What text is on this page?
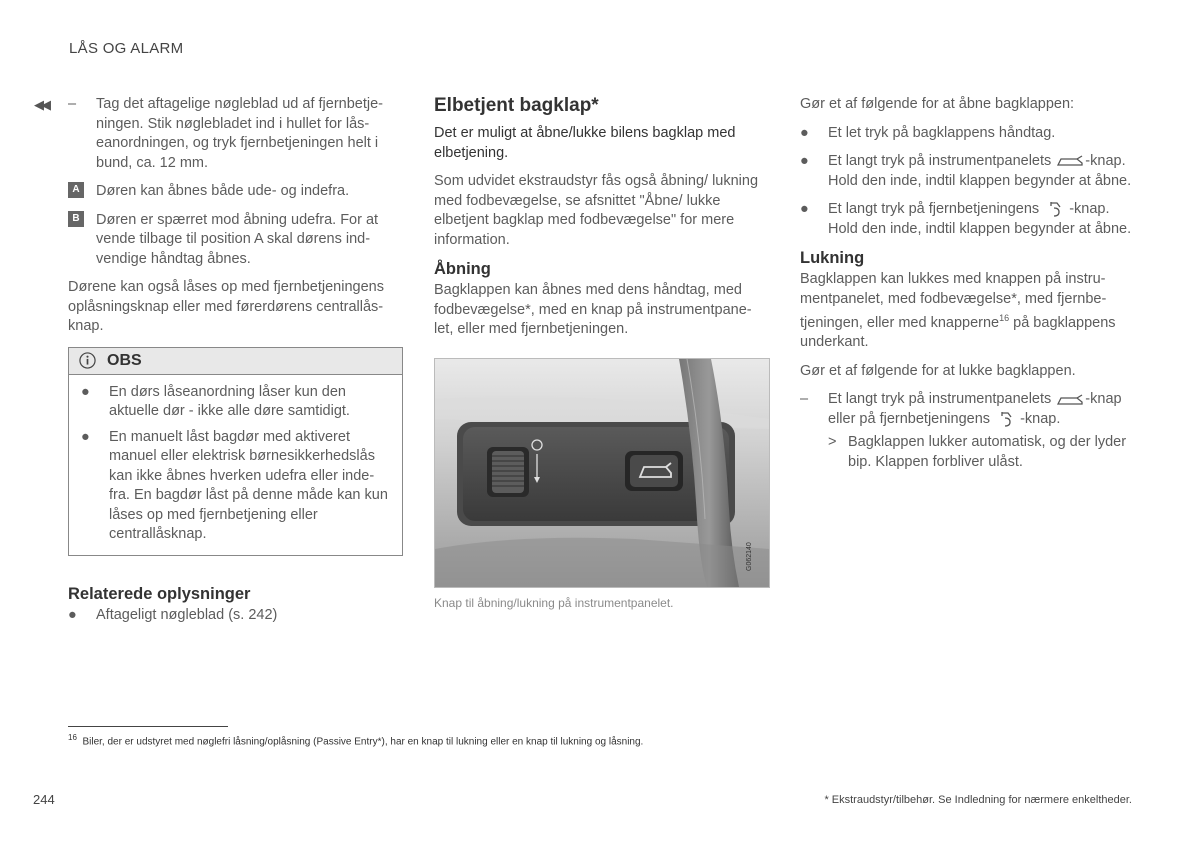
LÅS OG ALARM
◀◀ – Tag det aftagelige nøgleblad ud af fjernbetje-ningen. Stik nøglebladet ind i hullet for lås-eanordningen, og tryk fjernbetjeningen helt i bund, ca. 12 mm.
A	Døren kan åbnes både ude- og indefra.
B	Døren er spærret mod åbning udefra. For at vende tilbage til position A skal dørens ind-vendige håndtag åbnes.

Dørene kan også låses op med fjernbetjeningens oplåsningsknap eller med førerdørens centrallås-knap.

OBS
● En dørs låseanordning låser kun den aktuelle dør - ikke alle døre samtidigt.
● En manuelt låst bagdør med aktiveret manuel eller elektrisk børnesikkerhedslås kan ikke åbnes hverken udefra eller inde-fra. En bagdør låst på denne måde kan kun låses op med fjernbetjening eller centrallåsknap.
Relaterede oplysninger
● Aftageligt nøgleblad (s. 242)
Elbetjent bagklap*

Det er muligt at åbne/lukke bilens bagklap med elbetjening.

Som udvidet ekstraudstyr fås også åbning/ lukning med fodbevægelse, se afsnittet "Åbne/ lukke elbetjent bagklap med fodbevægelse" for mere information.

Åbning

Bagklappen kan åbnes med dens håndtag, med fodbevægelse*, med en knap på instrumentpane-let, eller med fjernbetjeningen.

G062140
Knap til åbning/lukning på instrumentpanelet.

Gør et af følgende for at åbne bagklappen:

● Et let tryk på bagklappens håndtag.
● Et langt tryk på instrumentpanelets -knap. Hold den inde, indtil klappen begynder at åbne.
● Et langt tryk på fjernbetjeningens -knap. Hold den inde, indtil klappen begynder at åbne.
Lukning

Bagklappen kan lukkes med knappen på instru-mentpanelet, med fodbevægelse*, med fjernbe-tjeningen, eller med knapperne$^{16}$ på bagklappens underkant.

Gør et af følgende for at lukke bagklappen.

– Et langt tryk på instrumentpanelets -knap eller på fjernbetjeningens -knap.
> Bagklappen lukker automatisk, og der lyder bip. Klappen forbliver ulåst.
$^{16}$ Biler, der er udstyret med nøglefri låsning/oplåsning (Passive Entry*), har en knap til lukning eller en knap til lukning og låsning.
244	* Ekstraudstyr/tilbehør. Se Indledning for nærmere enkeltheder.
